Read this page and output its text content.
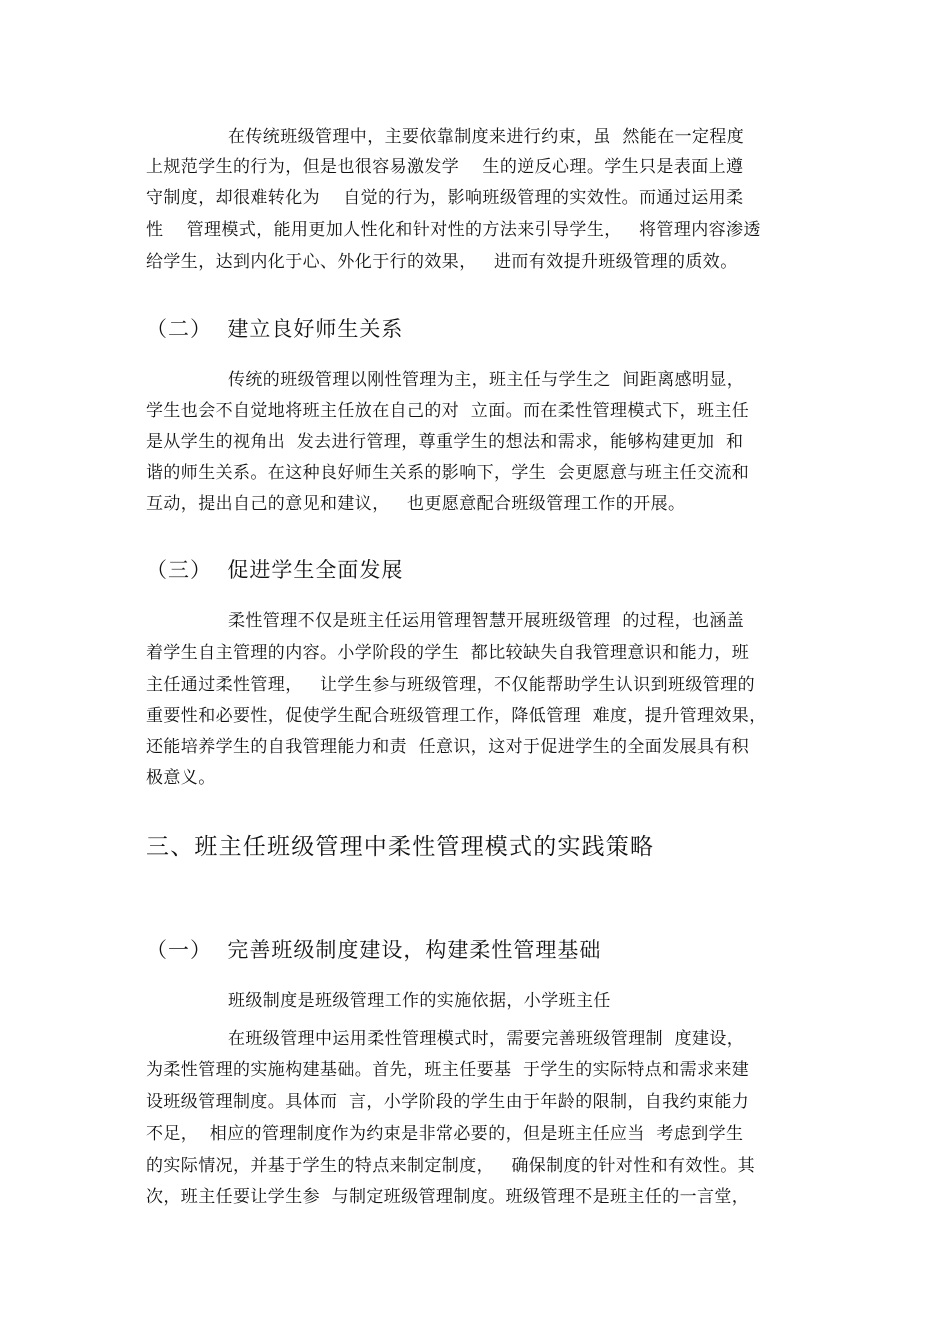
在传统班级管理中，主要依靠制度来进行约束，虽  然能在一定程度
上规范学生的行为，但是也很容易激发学    生的逆反心理。学生只是表面上遵
守制度，却很难转化为    自觉的行为，影响班级管理的实效性。而通过运用柔
性    管理模式，能用更加人性化和针对性的方法来引导学生，   将管理内容渗透
给学生，达到内化于心、外化于行的效果，   进而有效提升班级管理的质效。
（二）  建立良好师生关系
传统的班级管理以刚性管理为主，班主任与学生之  间距离感明显，
学生也会不自觉地将班主任放在自己的对  立面。而在柔性管理模式下，班主任
是从学生的视角出  发去进行管理，尊重学生的想法和需求，能够构建更加  和
谐的师生关系。在这种良好师生关系的影响下，学生  会更愿意与班主任交流和
互动，提出自己的意见和建议，   也更愿意配合班级管理工作的开展。
（三）  促进学生全面发展
柔性管理不仅是班主任运用管理智慧开展班级管理  的过程，也涵盖
着学生自主管理的内容。小学阶段的学生  都比较缺失自我管理意识和能力，班
主任通过柔性管理，   让学生参与班级管理，不仅能帮助学生认识到班级管理的
重要性和必要性，促使学生配合班级管理工作，降低管理  难度，提升管理效果，
还能培养学生的自我管理能力和责  任意识，这对于促进学生的全面发展具有积
极意义。
三、班主任班级管理中柔性管理模式的实践策略
（一）  完善班级制度建设，构建柔性管理基础
班级制度是班级管理工作的实施依据，小学班主任
在班级管理中运用柔性管理模式时，需要完善班级管理制  度建设，
为柔性管理的实施构建基础。首先，班主任要基  于学生的实际特点和需求来建
设班级管理制度。具体而  言，小学阶段的学生由于年龄的限制，自我约束能力
不足，  相应的管理制度作为约束是非常必要的，但是班主任应当  考虑到学生
的实际情况，并基于学生的特点来制定制度，   确保制度的针对性和有效性。其
次，班主任要让学生参  与制定班级管理制度。班级管理不是班主任的一言堂，
